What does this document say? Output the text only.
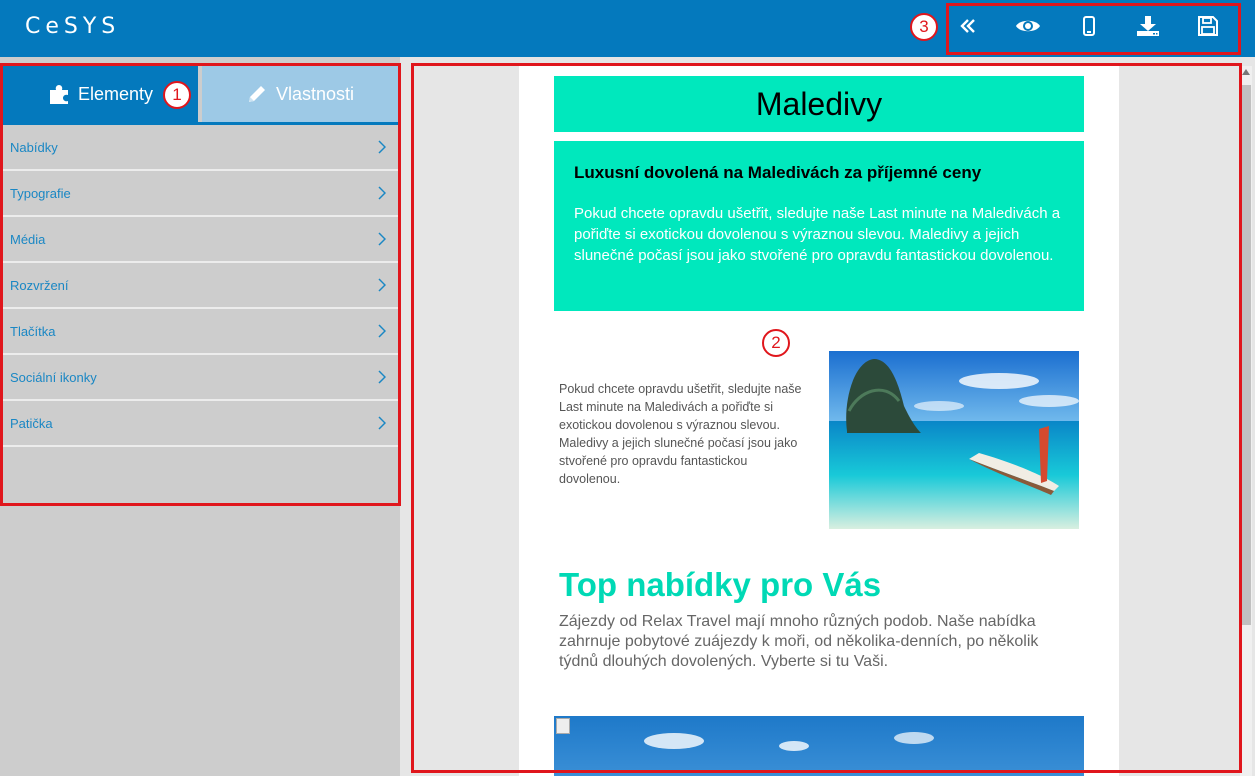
CeSYS	3
Elementy	Vlastnosti
1
Nabídky
Typografie
Média
Rozvržení
Tlačítka
Sociální ikonky
Patička
Maledivy
Luxusní dovolená na Maledivách za příjemné ceny

Pokud chcete opravdu ušetřit, sledujte naše Last minute na Maledivách a pořiďte si exotickou dovolenou s výraznou slevou. Maledivy a jejich slunečné počasí jsou jako stvořené pro opravdu fantastickou dovolenou.

Pokud chcete opravdu ušetřit, sledujte naše Last minute na Maledivách a pořiďte si exotickou dovolenou s výraznou slevou. Maledivy a jejich slunečné počasí jsou jako stvořené pro opravdu fantastickou dovolenou.
Top nabídky pro Vás
Zájezdy od Relax Travel mají mnoho různých podob. Naše nabídka zahrnuje pobytové zuájezdy k moři, od několika-denních, po několik týdnů dlouhých dovolených. Vyberte si tu Vaši.
2
